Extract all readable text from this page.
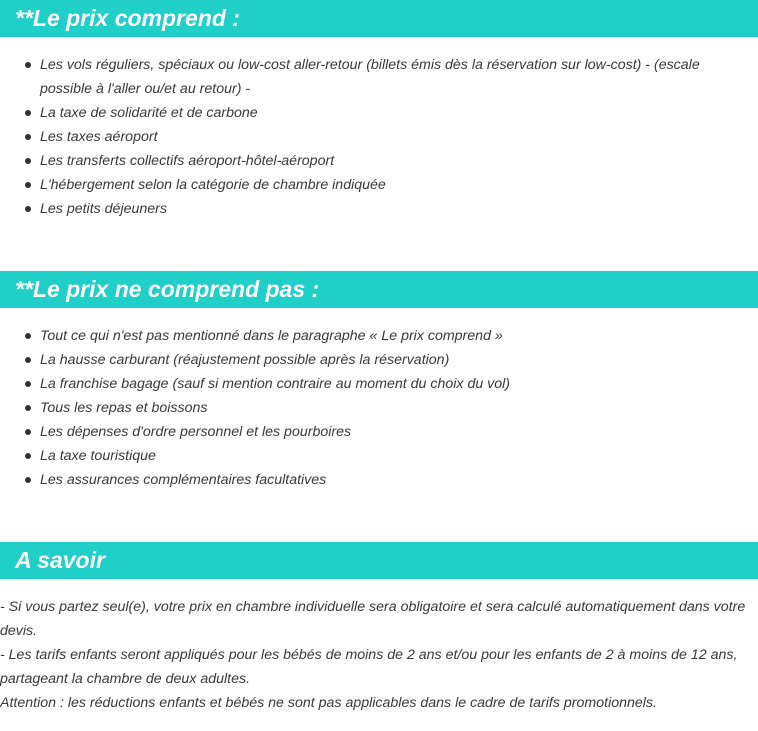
**Le prix comprend :
Les vols réguliers, spéciaux ou low-cost aller-retour (billets émis dès la réservation sur low-cost) - (escale possible à l'aller ou/et au retour) -
La taxe de solidarité et de carbone
Les taxes aéroport
Les transferts collectifs aéroport-hôtel-aéroport
L'hébergement selon la catégorie de chambre indiquée
Les petits déjeuners
**Le prix ne comprend pas :
Tout ce qui n'est pas mentionné dans le paragraphe « Le prix comprend »
La hausse carburant (réajustement possible après la réservation)
La franchise bagage (sauf si mention contraire au moment du choix du vol)
Tous les repas et boissons
Les dépenses d'ordre personnel et les pourboires
La taxe touristique
Les assurances complémentaires facultatives
A savoir

- Si vous partez seul(e), votre prix en chambre individuelle sera obligatoire et sera calculé automatiquement dans votre devis.

- Les tarifs enfants seront appliqués pour les bébés de moins de 2 ans et/ou pour les enfants de 2 à moins de 12 ans, partageant la chambre de deux adultes.

Attention : les réductions enfants et bébés ne sont pas applicables dans le cadre de tarifs promotionnels.
